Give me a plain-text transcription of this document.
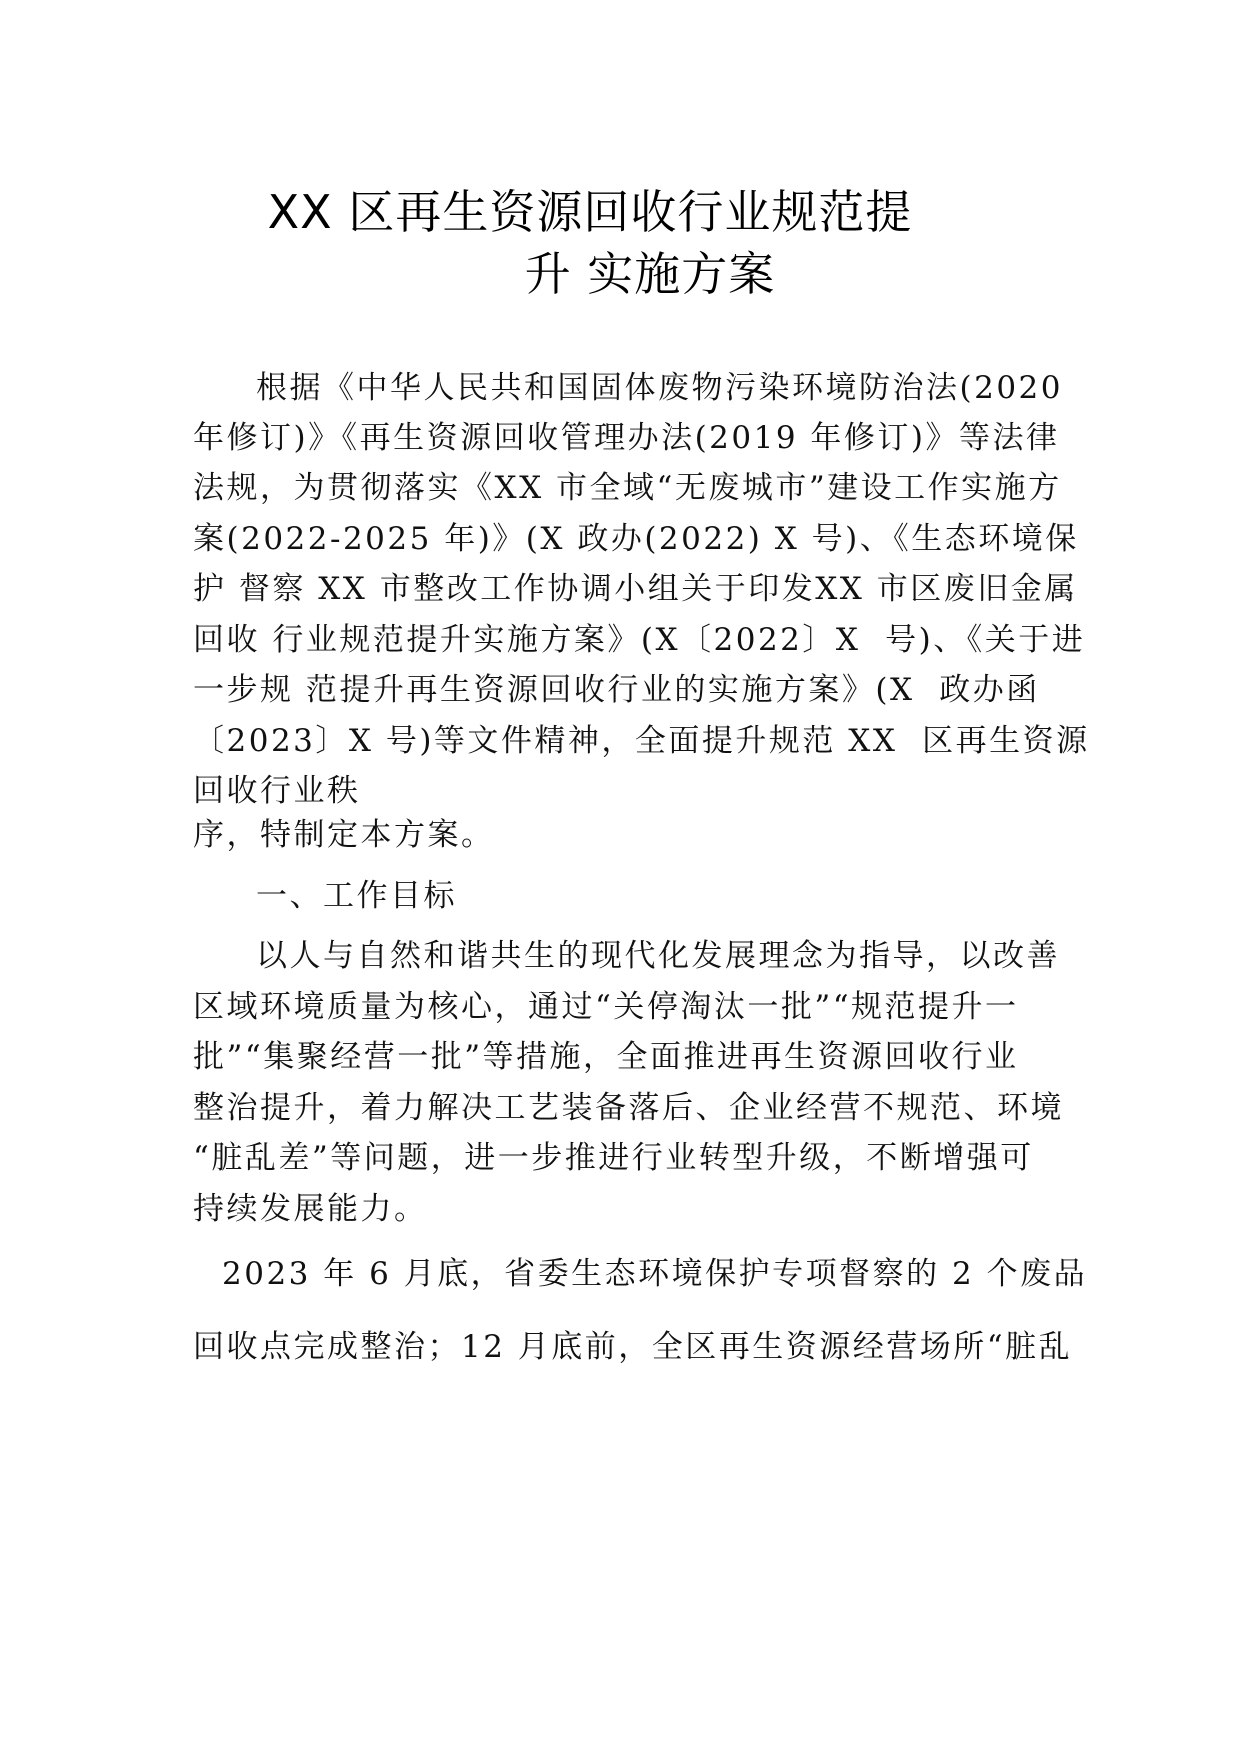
XX 区再生资源回收行业规范提
升 实施方案
根据《中华人民共和国固体废物污染环境防治法(2020
年修订)》《再生资源回收管理办法(2019 年修订)》等法律
法规，为贯彻落实《XX 市全域“无废城市”建设工作实施方
案(2022-2025 年)》(X 政办(2022) X 号)、《生态环境保
护 督察 XX 市整改工作协调小组关于印发XX 市区废旧金属
回收 行业规范提升实施方案》(X〔2022〕X  号)、《关于进
一步规 范提升再生资源回收行业的实施方案》(X  政办函
〔2023〕X 号)等文件精神，全面提升规范 XX  区再生资源
回收行业秩
序，特制定本方案。
一、工作目标
以人与自然和谐共生的现代化发展理念为指导，以改善
区域环境质量为核心，通过“关停淘汰一批”“规范提升一
批”“集聚经营一批”等措施，全面推进再生资源回收行业
整治提升，着力解决工艺装备落后、企业经营不规范、环境
“脏乱差”等问题，进一步推进行业转型升级，不断增强可
持续发展能力。
2023 年 6 月底，省委生态环境保护专项督察的 2 个废品
回收点完成整治；12 月底前，全区再生资源经营场所“脏乱
